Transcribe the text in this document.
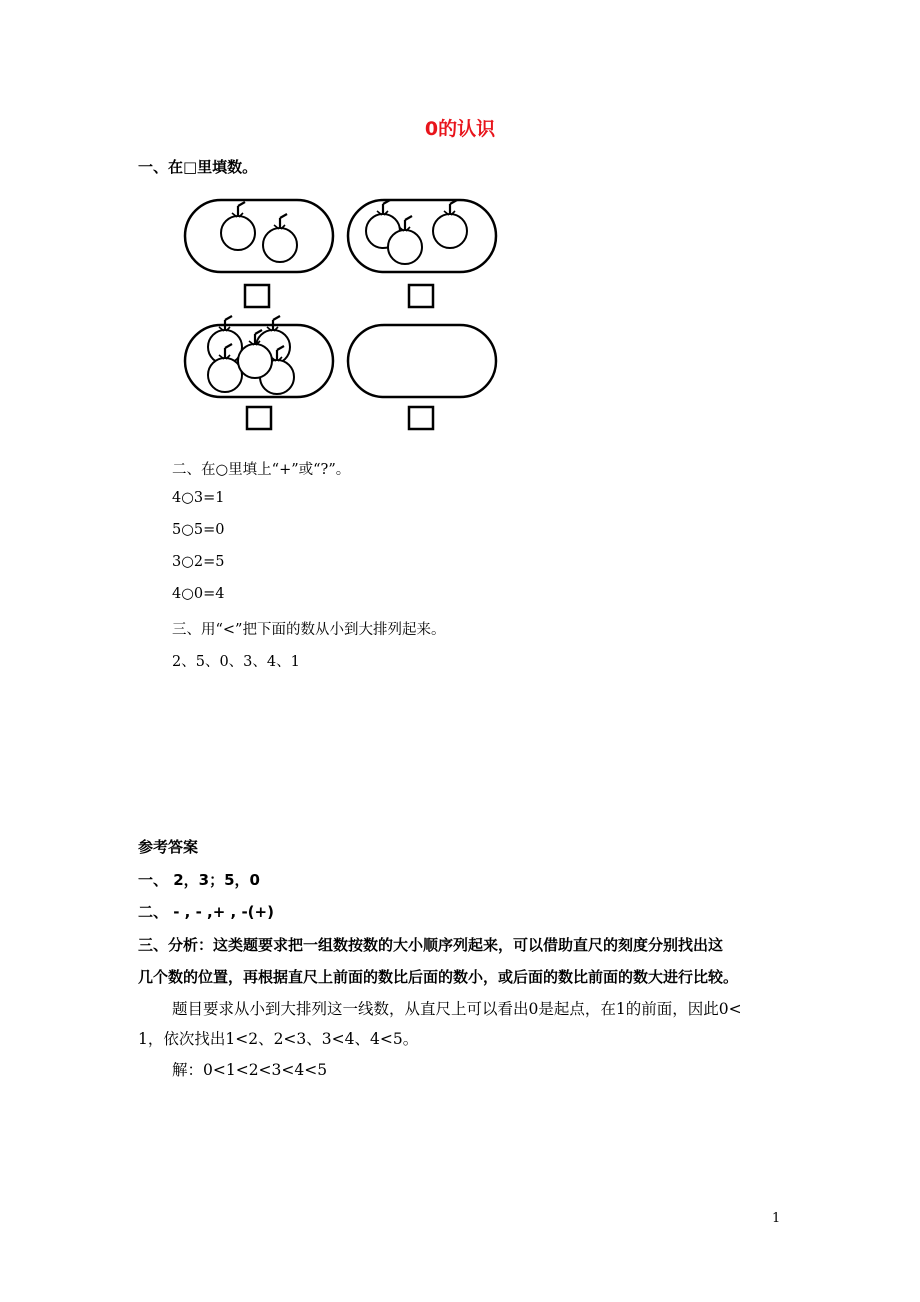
0的认识
一、在□里填数。
二、在○里填上“+”或“?”。
4○3=1
5○5=0
3○2=5
4○0=4
三、用“<”把下面的数从小到大排列起来。
2、5、0、3、4、1
参考答案
一、 2，3；5，0
二、 - , - ,+ , -(+)
三、分析：这类题要求把一组数按数的大小顺序列起来，可以借助直尺的刻度分别找出这
几个数的位置，再根据直尺上前面的数比后面的数小，或后面的数比前面的数大进行比较。
题目要求从小到大排列这一线数，从直尺上可以看出0是起点，在1的前面，因此0<
1，依次找出1<2、2<3、3<4、4<5。
解：0<1<2<3<4<5
1
